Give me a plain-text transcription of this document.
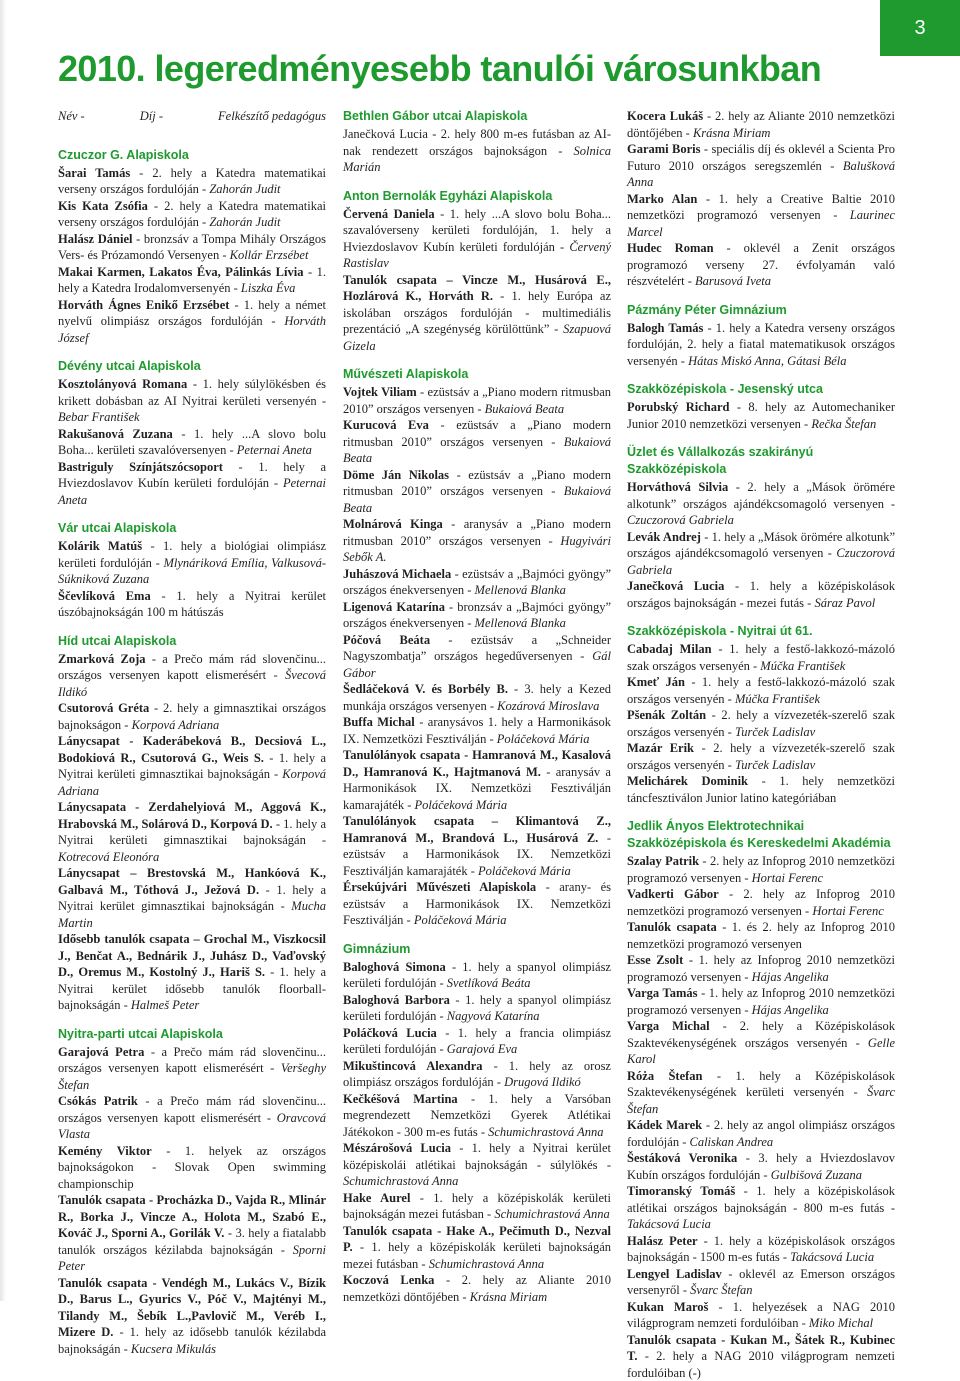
3
2010. legeredményesebb tanulói városunkban
Név -	Díj -	Felkészítő pedagógus
Czuczor G. Alapiskola

Šarai Tamás - 2. hely a Katedra matematikai verseny országos fordulóján - Zahorán Judit

Kis Kata Zsófia - 2. hely a Katedra matematikai verseny országos fordulóján - Zahorán Judit

Halász Dániel - bronzsáv a Tompa Mihály Országos Vers- és Prózamondó Versenyen - Kollár Erzsébet

Makai Karmen, Lakatos Éva, Pálinkás Lívia - 1. hely a Katedra Irodalomversenyén - Liszka Éva

Horváth Ágnes Enikő Erzsébet - 1. hely a német nyelvű olimpiász országos fordulóján - Horváth József

Dévény utcai Alapiskola

Kosztolányová Romana - 1. hely súlylökésben és krikett dobásban az AI Nyitrai kerületi versenyén - Bebar František

Rakušanová Zuzana - 1. hely ...A slovo bolu Boha... kerületi szavalóversenyen - Peternai Aneta

Bastriguly Színjátszócsoport - 1. hely a Hviezdoslavov Kubín kerületi fordulóján - Peternai Aneta

Vár utcai Alapiskola

Kolárik Matúš - 1. hely a biológiai olimpiász kerületi fordulóján - Mlynáriková Emília, Valkusová-Súkniková Zuzana

Ščevlíková Ema - 1. hely a Nyitrai kerület úszóbajnokságán 100 m hátúszás

Híd utcai Alapiskola

Zmarková Zoja - a Prečo mám rád slovenčinu... országos versenyen kapott elismerésért - Švecová Ildikó

Csutorová Gréta - 2. hely a gimnasztikai országos bajnokságon - Korpová Adriana

Lánycsapat - Kaderábeková B., Decsiová L., Bodokiová R., Csutorová G., Weis S. - 1. hely a Nyitrai kerületi gimnasztikai bajnokságán - Korpová Adriana

Lánycsapata - Zerdahelyiová M., Aggová K., Hrabovská M., Solárová D., Korpová D. - 1. hely a Nyitrai kerületi gimnasztikai bajnokságán - Kotrecová Eleonóra

Lánycsapat – Brestovská M., Hankóová K., Galbavá M., Tóthová J., Ježová D. - 1. hely a Nyitrai kerület gimnasztikai bajnokságán - Mucha Martin

Idősebb tanulók csapata – Grochal M., Viszkocsil J., Benčat A., Bednárik J., Juhász D., Vaďovský D., Oremus M., Kostolný J., Hariš S. - 1. hely a Nyitrai kerület idősebb tanulók floorball-bajnokságán - Halmeš Peter

Nyitra-parti utcai Alapiskola

Garajová Petra - a Prečo mám rád slovenčinu... országos versenyen kapott elismerésért - Veršeghy Štefan

Csókás Patrik - a Prečo mám rád slovenčinu... országos versenyen kapott elismerésért - Oravcová Vlasta

Kemény Viktor - 1. helyek az országos bajnokságokon - Slovak Open swimming championschip

Tanulók csapata - Procházka D., Vajda R., Mlinár R., Borka J., Vincze A., Holota M., Szabó E., Kováč J., Sporni A., Gorilák V. - 3. hely a fiatalabb tanulók országos kézilabda bajnokságán - Sporni Peter

Tanulók csapata - Vendégh M., Lukács V., Bízik D., Barus L., Gyurics V., Póč V., Majtényi M., Tilandy M., Šebík L.,Pavlovič M., Veréb I., Mizere D. - 1. hely az idősebb tanulók kézilabda bajnokságán - Kucsera Mikulás

Bethlen Gábor utcai Alapiskola

Janečková Lucia - 2. hely 800 m-es futásban az AI-nak rendezett országos bajnokságon - Solnica Marián

Anton Bernolák Egyházi Alapiskola

Červená Daniela - 1. hely ...A slovo bolu Boha... szavalóverseny kerületi fordulóján, 1. hely a Hviezdoslavov Kubín kerületi fordulóján - Červený Rastislav

Tanulók csapata – Vincze M., Husárová E., Hozlárová K., Horváth R. - 1. hely Európa az iskolában országos fordulóján - multimediális prezentáció „A szegénység körülöttünk” - Szapuová Gizela

Művészeti Alapiskola

Vojtek Viliam - ezüstsáv a „Piano modern ritmusban 2010” országos versenyen - Bukaiová Beata

Kurucová Eva - ezüstsáv a „Piano modern ritmusban 2010” országos versenyen - Bukaiová Beata

Döme Ján Nikolas - ezüstsáv a „Piano modern ritmusban 2010” országos versenyen - Bukaiová Beata

Molnárová Kinga - aranysáv a „Piano modern ritmusban 2010” országos versenyen - Hugyivári Sebők A.

Juhászová Michaela - ezüstsáv a „Bajmóci gyöngy” országos énekversenyen - Mellenová Blanka

Ligenová Katarína - bronzsáv a „Bajmóci gyöngy” országos énekversenyen - Mellenová Blanka

Póčová Beáta - ezüstsáv a „Schneider Nagyszombatja” országos hegedűversenyen - Gál Gábor

Šedláčeková V. és Borbély B. - 3. hely a Kezed munkája országos versenyen - Kozárová Miroslava

Buffa Michal - aranysávos 1. hely a Harmonikások IX. Nemzetközi Fesztiválján - Poláčeková Mária

Tanulólányok csapata - Hamranová M., Kasalová D., Hamranová K., Hajtmanová M. - aranysáv a Harmonikások IX. Nemzetközi Fesztiválján kamarajáték - Poláčeková Mária

Tanulólányok csapata – Klimantová Z., Hamranová M., Brandová L., Husárová Z. - ezüstsáv a Harmonikások IX. Nemzetközi Fesztiválján kamarajáték - Poláčeková Mária

Érsekújvári Művészeti Alapiskola - arany- és ezüstsáv a Harmonikások IX. Nemzetközi Fesztiválján - Poláčeková Mária

Gimnázium

Baloghová Simona - 1. hely a spanyol olimpiász kerületi fordulóján - Svetlíková Beáta

Baloghová Barbora - 1. hely a spanyol olimpiász kerületi fordulóján - Nagyová Katarína

Poláčková Lucia - 1. hely a francia olimpiász kerületi fordulóján - Garajová Eva

Mikuštincová Alexandra - 1. hely az orosz olimpiász országos fordulóján - Drugová Ildikó

Kečkéšová Martina - 1. hely a Varsóban megrendezett Nemzetközi Gyerek Atlétikai Játékokon - 300 m-es futás - Schumichrastová Anna

Mészárošová Lucia - 1. hely a Nyitrai kerület középiskolái atlétikai bajnokságán - súlylökés - Schumichrastová Anna

Hake Aurel - 1. hely a középiskolák kerületi bajnokságán mezei futásban - Schumichrastová Anna

Tanulók csapata - Hake A., Pečimuth D., Nezval P. - 1. hely a középiskolák kerületi bajnokságán mezei futásban - Schumichrastová Anna

Koczová Lenka - 2. hely az Aliante 2010 nemzetközi döntőjében - Krásna Miriam

Kocera Lukáš - 2. hely az Aliante 2010 nemzetközi döntőjében - Krásna Miriam

Garami Boris - speciális díj és oklevél a Scienta Pro Futuro 2010 országos seregszemlén - Balušková Anna

Marko Alan - 1. hely a Creative Baltie 2010 nemzetközi programozó versenyen - Laurinec Marcel

Hudec Roman - oklevél a Zenit országos programozó verseny 27. évfolyamán való részvételért - Barusová Iveta

Pázmány Péter Gimnázium

Balogh Tamás - 1. hely a Katedra verseny országos fordulóján, 2. hely a fiatal matematikusok országos versenyén - Hátas Miskó Anna, Gátasi Béla

Szakközépiskola - Jesenský utca

Porubský Richard - 8. hely az Automechaniker Junior 2010 nemzetközi versenyen - Rečka Štefan

Üzlet és Vállalkozás szakirányú Szakközépiskola

Horváthová Silvia - 2. hely a „Mások örömére alkotunk” országos ajándékcsomagoló versenyen - Czuczorová Gabriela

Levák Andrej - 1. hely a „Mások örömére alkotunk” országos ajándékcsomagoló versenyen - Czuczorová Gabriela

Janečková Lucia - 1. hely a középiskolások országos bajnokságán - mezei futás - Sáraz Pavol

Szakközépiskola - Nyitrai út 61.

Cabadaj Milan - 1. hely a festő-lakkozó-mázoló szak országos versenyén - Múčka František

Kmeť Ján - 1. hely a festő-lakkozó-mázoló szak országos versenyén - Múčka František

Pšenák Zoltán - 2. hely a vízvezeték-szerelő szak országos versenyén - Turček Ladislav

Mazár Erik - 2. hely a vízvezeték-szerelő szak országos versenyén - Turček Ladislav

Melichárek Dominik - 1. hely nemzetközi táncfesztiválon Junior latino kategóriában

Jedlik Ányos Elektrotechnikai Szakközépiskola és Kereskedelmi Akadémia

Szalay Patrik - 2. hely az Infoprog 2010 nemzetközi programozó versenyen - Hortai Ferenc

Vadkerti Gábor - 2. hely az Infoprog 2010 nemzetközi programozó versenyen - Hortai Ferenc

Tanulók csapata - 1. és 2. hely az Infoprog 2010 nemzetközi programozó versenyen

Esse Zsolt - 1. hely az Infoprog 2010 nemzetközi programozó versenyen - Hájas Angelika

Varga Tamás - 1. hely az Infoprog 2010 nemzetközi programozó versenyen - Hájas Angelika

Varga Michal - 2. hely a Középiskolások Szaktevékenységének országos versenyén - Gelle Karol

Róża Štefan - 1. hely a Középiskolások Szaktevékenységének kerületi versenyén - Švarc Štefan

Kádek Marek - 2. hely az angol olimpiász országos fordulóján - Caliskan Andrea

Šestáková Veronika - 3. hely a Hviezdoslavov Kubín országos fordulóján - Gulbišová Zuzana

Timoranský Tomáš - 1. hely a középiskolások atlétikai országos bajnokságán - 800 m-es futás - Takácsová Lucia

Halász Peter - 1. hely a középiskolások országos bajnokságán - 1500 m-es futás - Takácsová Lucia

Lengyel Ladislav - oklevél az Emerson országos versenyről - Švarc Štefan

Kukan Maroš - 1. helyezések a NAG 2010 világprogram nemzeti fordulóiban - Miko Michal

Tanulók csapata - Kukan M., Šátek R., Kubinec T. - 2. hely a NAG 2010 világprogram nemzeti fordulóiban (-)
